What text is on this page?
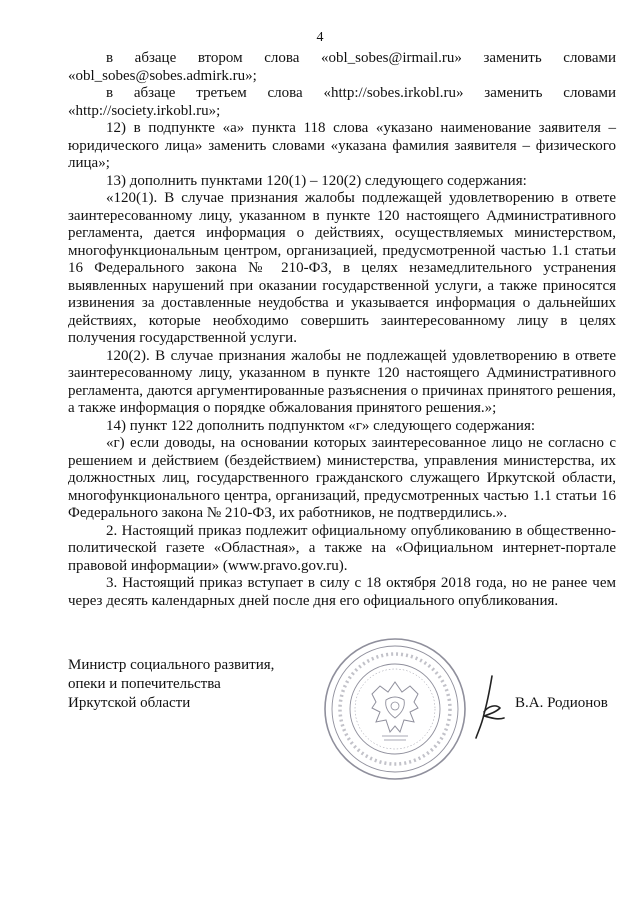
4

в абзаце втором слова «obl_sobes@irmail.ru» заменить словами «obl_sobes@sobes.admirk.ru»;

в абзаце третьем слова «http://sobes.irkobl.ru» заменить словами «http://society.irkobl.ru»;

12) в подпункте «а» пункта 118 слова «указано наименование заявителя – юридического лица» заменить словами «указана фамилия заявителя – физического лица»;

13) дополнить пунктами 120(1) – 120(2) следующего содержания:

«120(1). В случае признания жалобы подлежащей удовлетворению в ответе заинтересованному лицу, указанном в пункте 120 настоящего Административного регламента, дается информация о действиях, осуществляемых министерством, многофункциональным центром, организацией, предусмотренной частью 1.1 статьи 16 Федерального закона № 210-ФЗ, в целях незамедлительного устранения выявленных нарушений при оказании государственной услуги, а также приносятся извинения за доставленные неудобства и указывается информация о дальнейших действиях, которые необходимо совершить заинтересованному лицу в целях получения государственной услуги.

120(2). В случае признания жалобы не подлежащей удовлетворению в ответе заинтересованному лицу, указанном в пункте 120 настоящего Административного регламента, даются аргументированные разъяснения о причинах принятого решения, а также информация о порядке обжалования принятого решения.»;

14) пункт 122 дополнить подпунктом «г» следующего содержания:

«г) если доводы, на основании которых заинтересованное лицо не согласно с решением и действием (бездействием) министерства, управления министерства, их должностных лиц, государственного гражданского служащего Иркутской области, многофункционального центра, организаций, предусмотренных частью 1.1 статьи 16 Федерального закона № 210-ФЗ, их работников, не подтвердились.».

2. Настоящий приказ подлежит официальному опубликованию в общественно-политической газете «Областная», а также на «Официальном интернет-портале правовой информации» (www.pravo.gov.ru).

3. Настоящий приказ вступает в силу с 18 октября 2018 года, но не ранее чем через десять календарных дней после дня его официального опубликования.

Министр социального развития,
опеки и попечительства
Иркутской области	В.А. Родионов
